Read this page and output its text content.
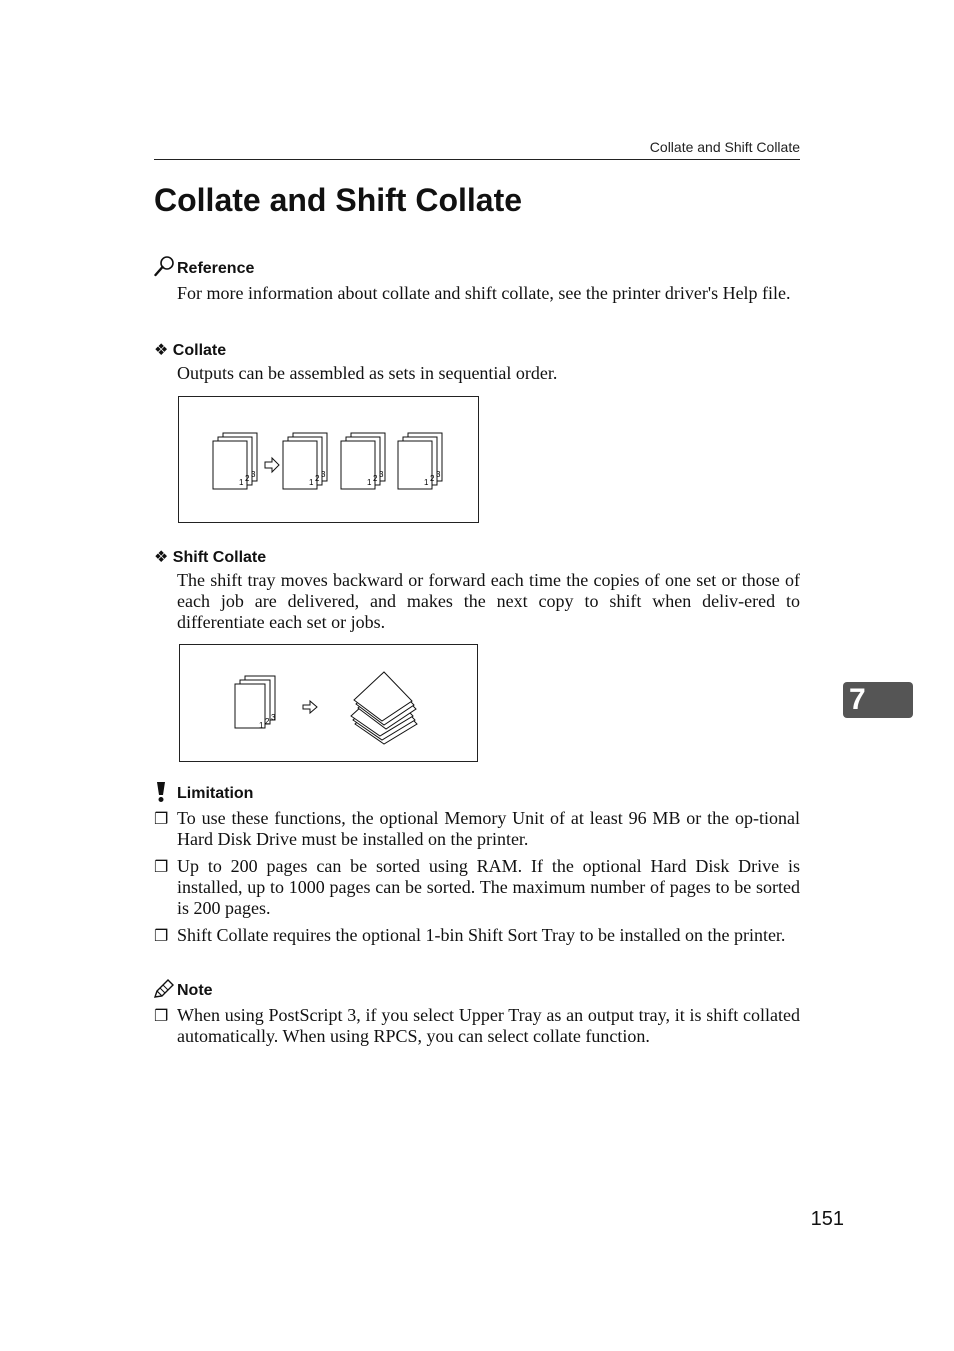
Collate and Shift Collate
Collate and Shift Collate
Reference
For more information about collate and shift collate, see the printer driver's Help file.
❖ Collate
Outputs can be assembled as sets in sequential order.
1 2 3
1 2 3
1 2 3
1 2 3
❖ Shift Collate
The shift tray moves backward or forward each time the copies of one set or those of each job are delivered, and makes the next copy to shift when deliv-ered to differentiate each set or jobs.
1 2 3
7
Limitation
❐ To use these functions, the optional Memory Unit of at least 96 MB or the op-tional Hard Disk Drive must be installed on the printer.
❐ Up to 200 pages can be sorted using RAM. If the optional Hard Disk Drive is installed, up to 1000 pages can be sorted. The maximum number of pages to be sorted is 200 pages.
❐ Shift Collate requires the optional 1-bin Shift Sort Tray to be installed on the printer.
Note
❐ When using PostScript 3, if you select Upper Tray as an output tray, it is shift collated automatically. When using RPCS, you can select collate function.
151
